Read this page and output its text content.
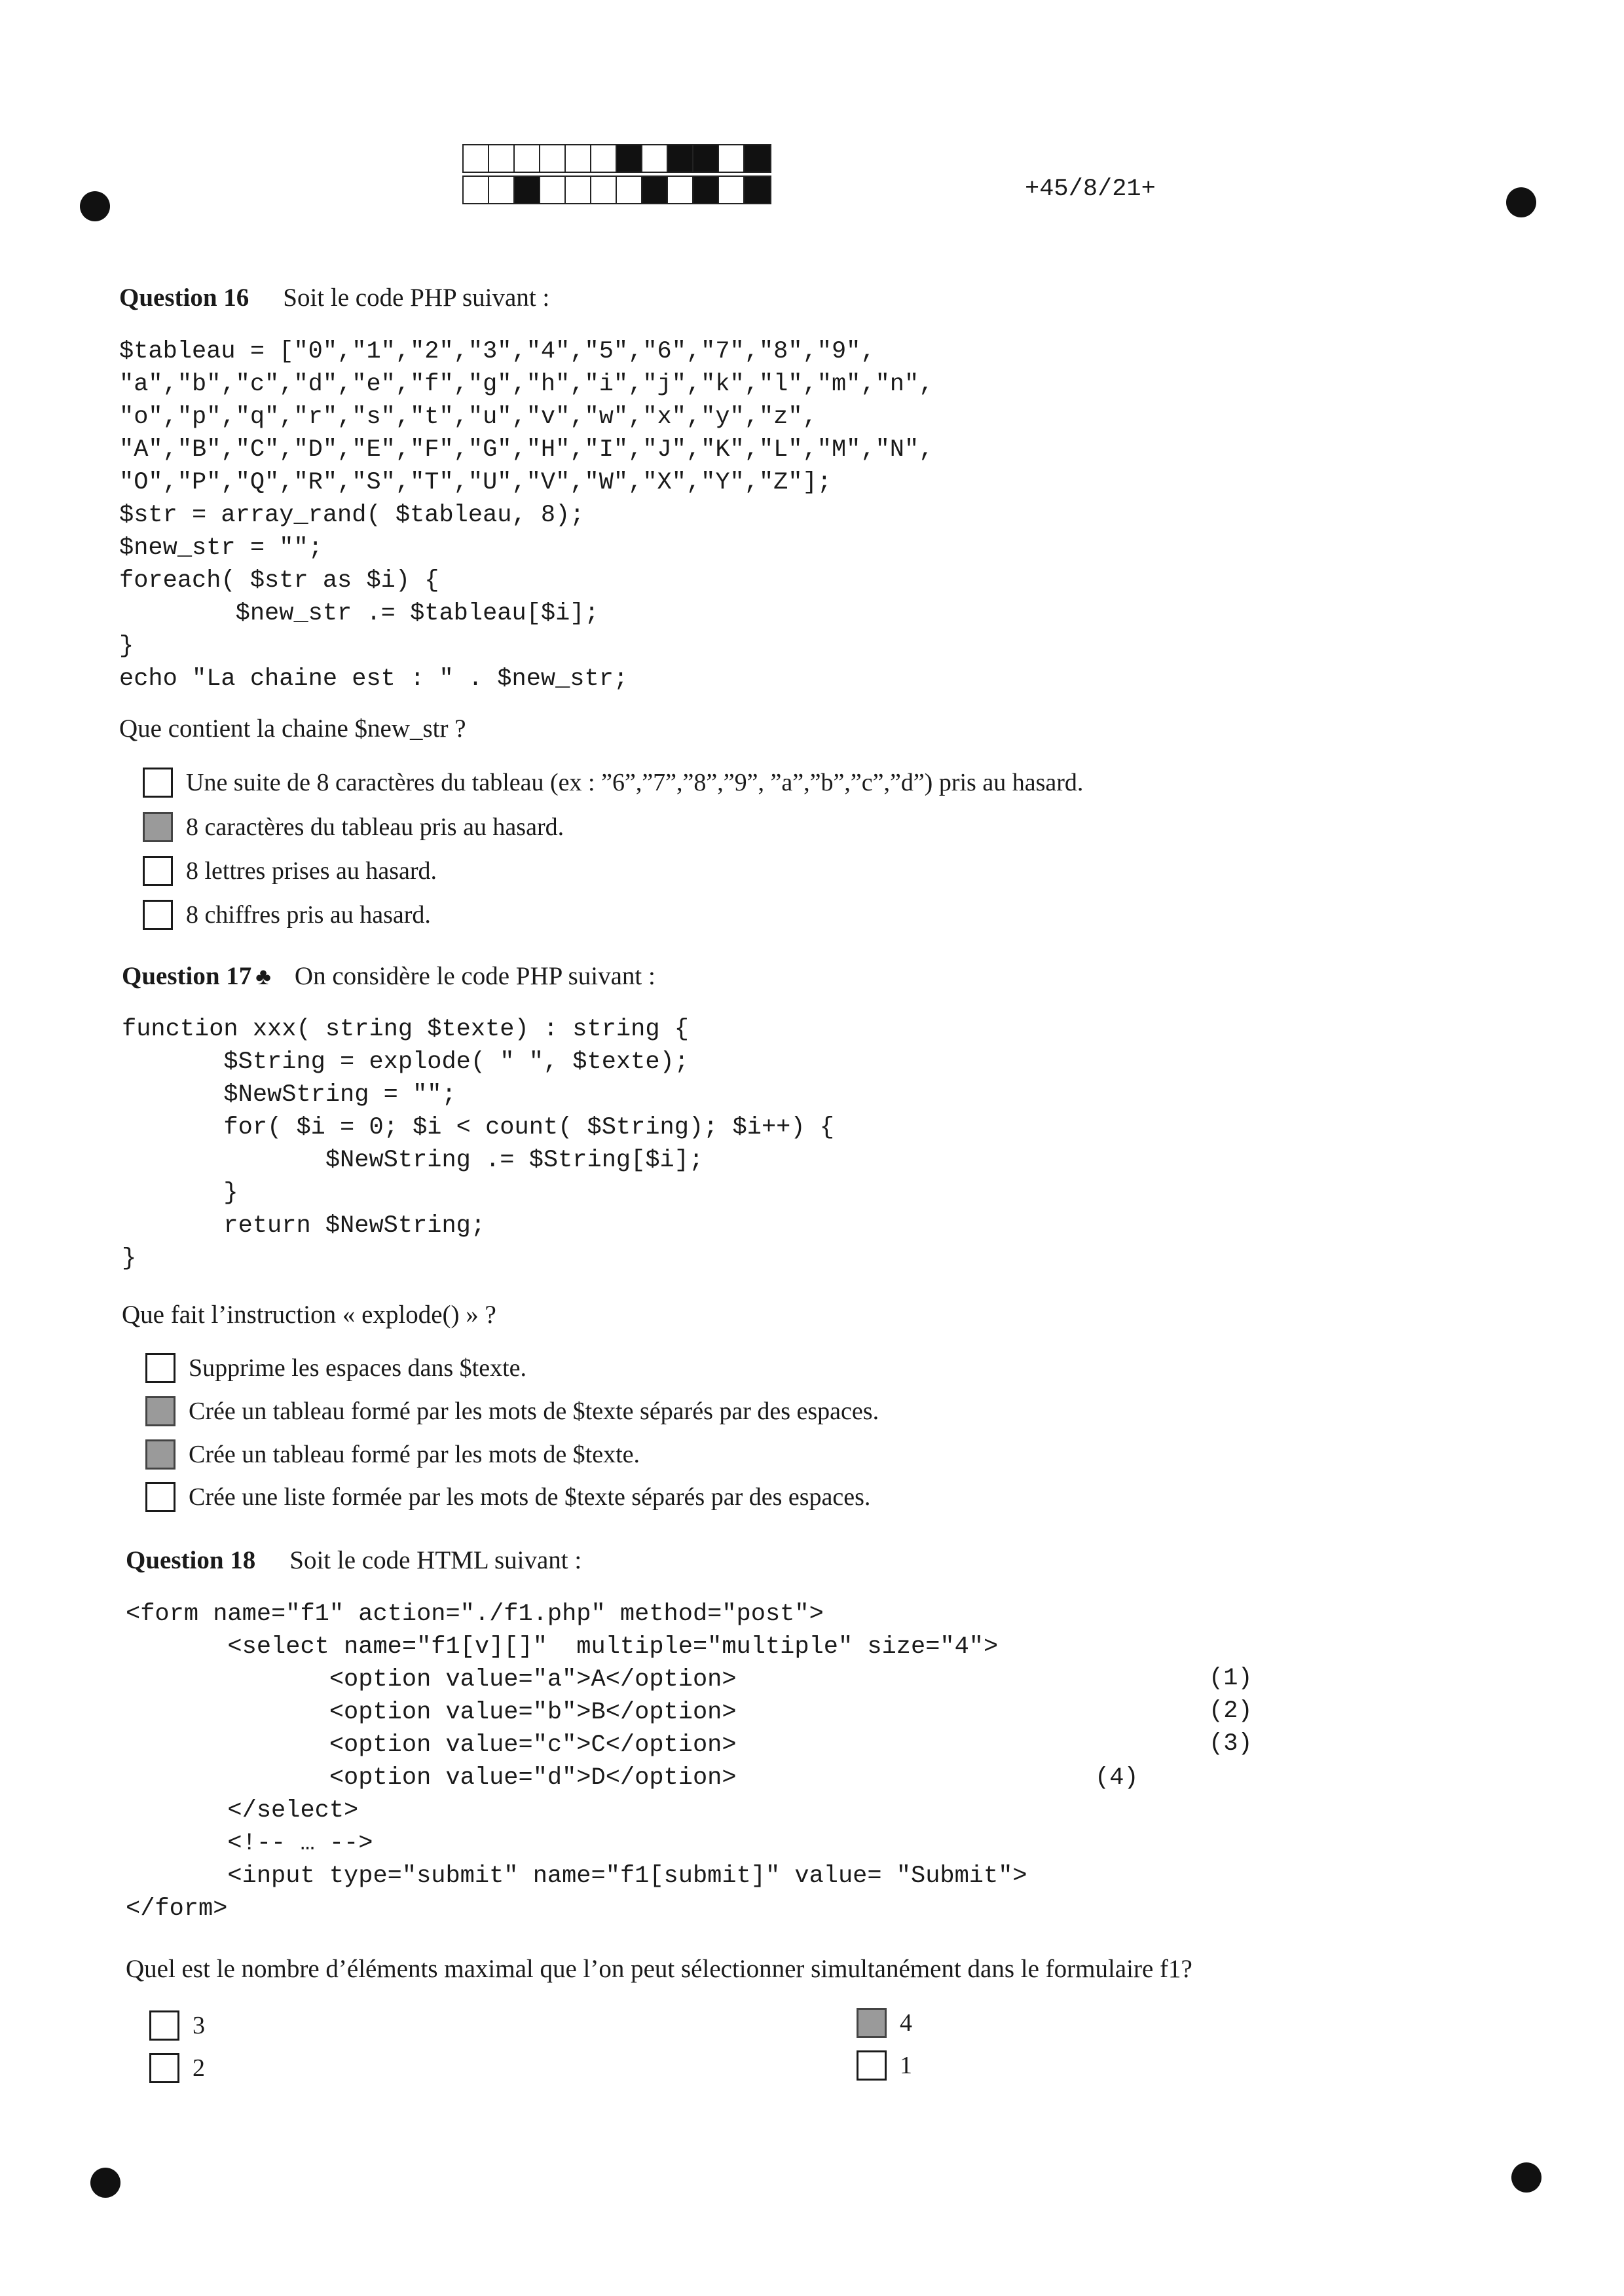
+45/8/21+
Question 16 Soit le code PHP suivant :
$tableau = ["0","1","2","3","4","5","6","7","8","9",
"a","b","c","d","e","f","g","h","i","j","k","l","m","n",
"o","p","q","r","s","t","u","v","w","x","y","z",
"A","B","C","D","E","F","G","H","I","J","K","L","M","N",
"O","P","Q","R","S","T","U","V","W","X","Y","Z"];
$str = array_rand( $tableau, 8);
$new_str = "";
foreach( $str as $i) {
$new_str .= $tableau[$i];
}
echo "La chaine est : " . $new_str;
Que contient la chaine $new_str ?
Une suite de 8 caractères du tableau (ex : ”6”,”7”,”8”,”9”, ”a”,”b”,”c”,”d”) pris au hasard.
8 caractères du tableau pris au hasard.
8 lettres prises au hasard.
8 chiffres pris au hasard.
Question 17 ♣ On considère le code PHP suivant :
function xxx( string $texte) : string {
$String = explode( " ", $texte);
$NewString = "";
for( $i = 0; $i < count( $String); $i++) {
$NewString .= $String[$i];
}
return $NewString;
}
Que fait l’instruction « explode() » ?
Supprime les espaces dans $texte.
Crée un tableau formé par les mots de $texte séparés par des espaces.
Crée un tableau formé par les mots de $texte.
Crée une liste formée par les mots de $texte séparés par des espaces.
Question 18 Soit le code HTML suivant :
<form name="f1" action="./f1.php" method="post">
<select name="f1[v][]"  multiple="multiple" size="4">
<option value="a">A</option>
<option value="b">B</option>
<option value="c">C</option>
<option value="d">D</option>
</select>
<!-- … -->
<input type="submit" name="f1[submit]" value= "Submit">
</form>
(1)
(2)
(3)
(4)
Quel est le nombre d’éléments maximal que l’on peut sélectionner simultanément dans le formulaire f1?
3	4
2	1
